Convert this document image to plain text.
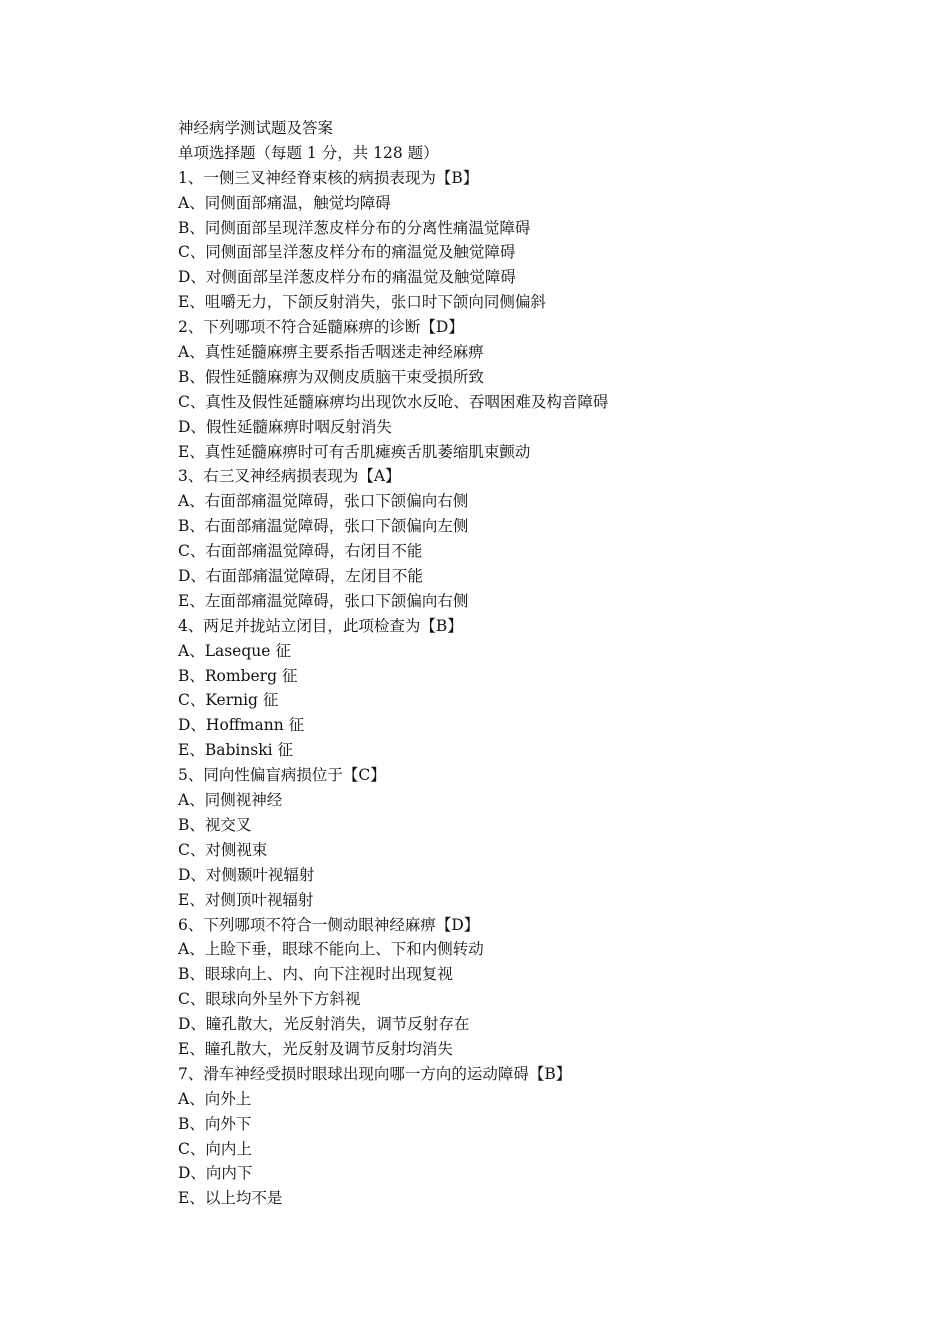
神经病学测试题及答案
单项选择题（每题 1 分，共 128 题）
1、一侧三叉神经脊束核的病损表现为【B】
A、同侧面部痛温，触觉均障碍
B、同侧面部呈现洋葱皮样分布的分离性痛温觉障碍
C、同侧面部呈洋葱皮样分布的痛温觉及触觉障碍
D、对侧面部呈洋葱皮样分布的痛温觉及触觉障碍
E、咀嚼无力，下颌反射消失，张口时下颌向同侧偏斜
2、下列哪项不符合延髓麻痹的诊断【D】
A、真性延髓麻痹主要系指舌咽迷走神经麻痹
B、假性延髓麻痹为双侧皮质脑干束受损所致
C、真性及假性延髓麻痹均出现饮水反呛、吞咽困难及构音障碍
D、假性延髓麻痹时咽反射消失
E、真性延髓麻痹时可有舌肌瘫痪舌肌萎缩肌束颤动
3、右三叉神经病损表现为【A】
A、右面部痛温觉障碍，张口下颌偏向右侧
B、右面部痛温觉障碍，张口下颌偏向左侧
C、右面部痛温觉障碍，右闭目不能
D、右面部痛温觉障碍，左闭目不能
E、左面部痛温觉障碍，张口下颌偏向右侧
4、两足并拢站立闭目，此项检查为【B】
A、Laseque 征
B、Romberg 征
C、Kernig 征
D、Hoffmann 征
E、Babinski 征
5、同向性偏盲病损位于【C】
A、同侧视神经
B、视交叉
C、对侧视束
D、对侧颞叶视辐射
E、对侧顶叶视辐射
6、下列哪项不符合一侧动眼神经麻痹【D】
A、上睑下垂，眼球不能向上、下和内侧转动
B、眼球向上、内、向下注视时出现复视
C、眼球向外呈外下方斜视
D、瞳孔散大，光反射消失，调节反射存在
E、瞳孔散大，光反射及调节反射均消失
7、滑车神经受损时眼球出现向哪一方向的运动障碍【B】
A、向外上
B、向外下
C、向内上
D、向内下
E、以上均不是
